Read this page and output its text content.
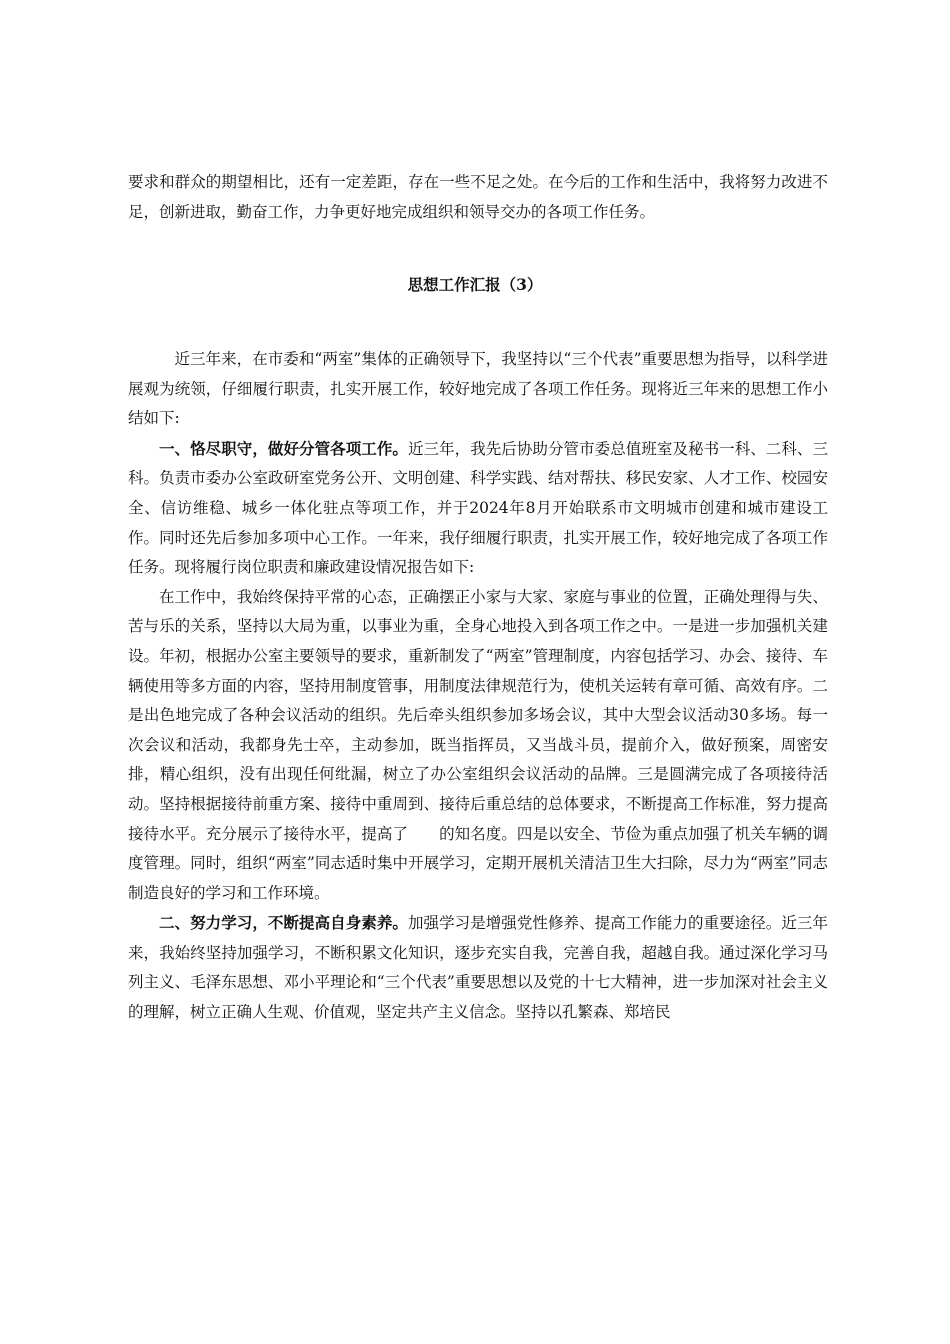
要求和群众的期望相比，还有一定差距，存在一些不足之处。在今后的工作和生活中，我将努力改进不足，创新进取，勤奋工作，力争更好地完成组织和领导交办的各项工作任务。
思想工作汇报（3）

近三年来，在市委和“两室”集体的正确领导下，我坚持以“三个代表”重要思想为指导，以科学进展观为统领，仔细履行职责，扎实开展工作，较好地完成了各项工作任务。现将近三年来的思想工作小结如下:

一、恪尽职守，做好分管各项工作。近三年，我先后协助分管市委总值班室及秘书一科、二科、三科。负责市委办公室政研室党务公开、文明创建、科学实践、结对帮扶、移民安家、人才工作、校园安全、信访维稳、城乡一体化驻点等项工作，并于2024年8月开始联系市文明城市创建和城市建设工作。同时还先后参加多项中心工作。一年来，我仔细履行职责，扎实开展工作，较好地完成了各项工作任务。现将履行岗位职责和廉政建设情况报告如下:

在工作中，我始终保持平常的心态，正确摆正小家与大家、家庭与事业的位置，正确处理得与失、苦与乐的关系，坚持以大局为重，以事业为重，全身心地投入到各项工作之中。一是进一步加强机关建设。年初，根据办公室主要领导的要求，重新制发了“两室”管理制度，内容包括学习、办会、接待、车辆使用等多方面的内容，坚持用制度管事，用制度法律规范行为，使机关运转有章可循、高效有序。二是出色地完成了各种会议活动的组织。先后牵头组织参加多场会议，其中大型会议活动30多场。每一次会议和活动，我都身先士卒，主动参加，既当指挥员，又当战斗员，提前介入，做好预案，周密安排，精心组织，没有出现任何纰漏，树立了办公室组织会议活动的品牌。三是圆满完成了各项接待活动。坚持根据接待前重方案、接待中重周到、接待后重总结的总体要求，不断提高工作标准，努力提高接待水平。充分展示了接待水平，提高了　　的知名度。四是以安全、节俭为重点加强了机关车辆的调度管理。同时，组织“两室”同志适时集中开展学习，定期开展机关清洁卫生大扫除，尽力为“两室”同志制造良好的学习和工作环境。

二、努力学习，不断提高自身素养。加强学习是增强党性修养、提高工作能力的重要途径。近三年来，我始终坚持加强学习，不断积累文化知识，逐步充实自我，完善自我，超越自我。通过深化学习马列主义、毛泽东思想、邓小平理论和“三个代表”重要思想以及党的十七大精神，进一步加深对社会主义的理解，树立正确人生观、价值观，坚定共产主义信念。坚持以孔繁森、郑培民
